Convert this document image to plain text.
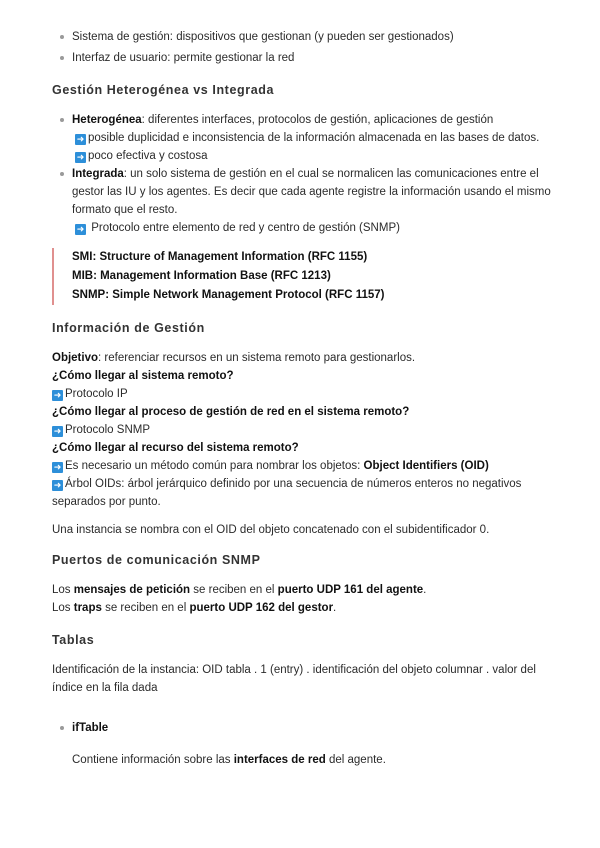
Sistema de gestión: dispositivos que gestionan (y pueden ser gestionados)
Interfaz de usuario: permite gestionar la red
Gestión Heterogénea vs Integrada
Heterogénea: diferentes interfaces, protocolos de gestión, aplicaciones de gestión
➜ posible duplicidad e inconsistencia de la información almacenada en las bases de datos.
➜ poco efectiva y costosa
Integrada: un solo sistema de gestión en el cual se normalicen las comunicaciones entre el gestor las IU y los agentes. Es decir que cada agente registre la información usando el mismo formato que el resto.
➜ Protocolo entre elemento de red y centro de gestión (SNMP)
SMI: Structure of Management Information (RFC 1155)
MIB: Management Information Base (RFC 1213)
SNMP: Simple Network Management Protocol (RFC 1157)
Información de Gestión

Objetivo: referenciar recursos en un sistema remoto para gestionarlos.

¿Cómo llegar al sistema remoto?

➜ Protocolo IP

¿Cómo llegar al proceso de gestión de red en el sistema remoto?

➜ Protocolo SNMP

¿Cómo llegar al recurso del sistema remoto?

➜ Es necesario un método común para nombrar los objetos: Object Identifiers (OID)

➜ Árbol OIDs: árbol jerárquico definido por una secuencia de números enteros no negativos separados por punto.

Una instancia se nombra con el OID del objeto concatenado con el subidentificador 0.

Puertos de comunicación SNMP

Los mensajes de petición se reciben en el puerto UDP 161 del agente.

Los traps se reciben en el puerto UDP 162 del gestor.

Tablas

Identificación de la instancia: OID tabla . 1 (entry) . identificación del objeto columnar . valor del índice en la fila dada

ifTable

Contiene información sobre las interfaces de red del agente.
